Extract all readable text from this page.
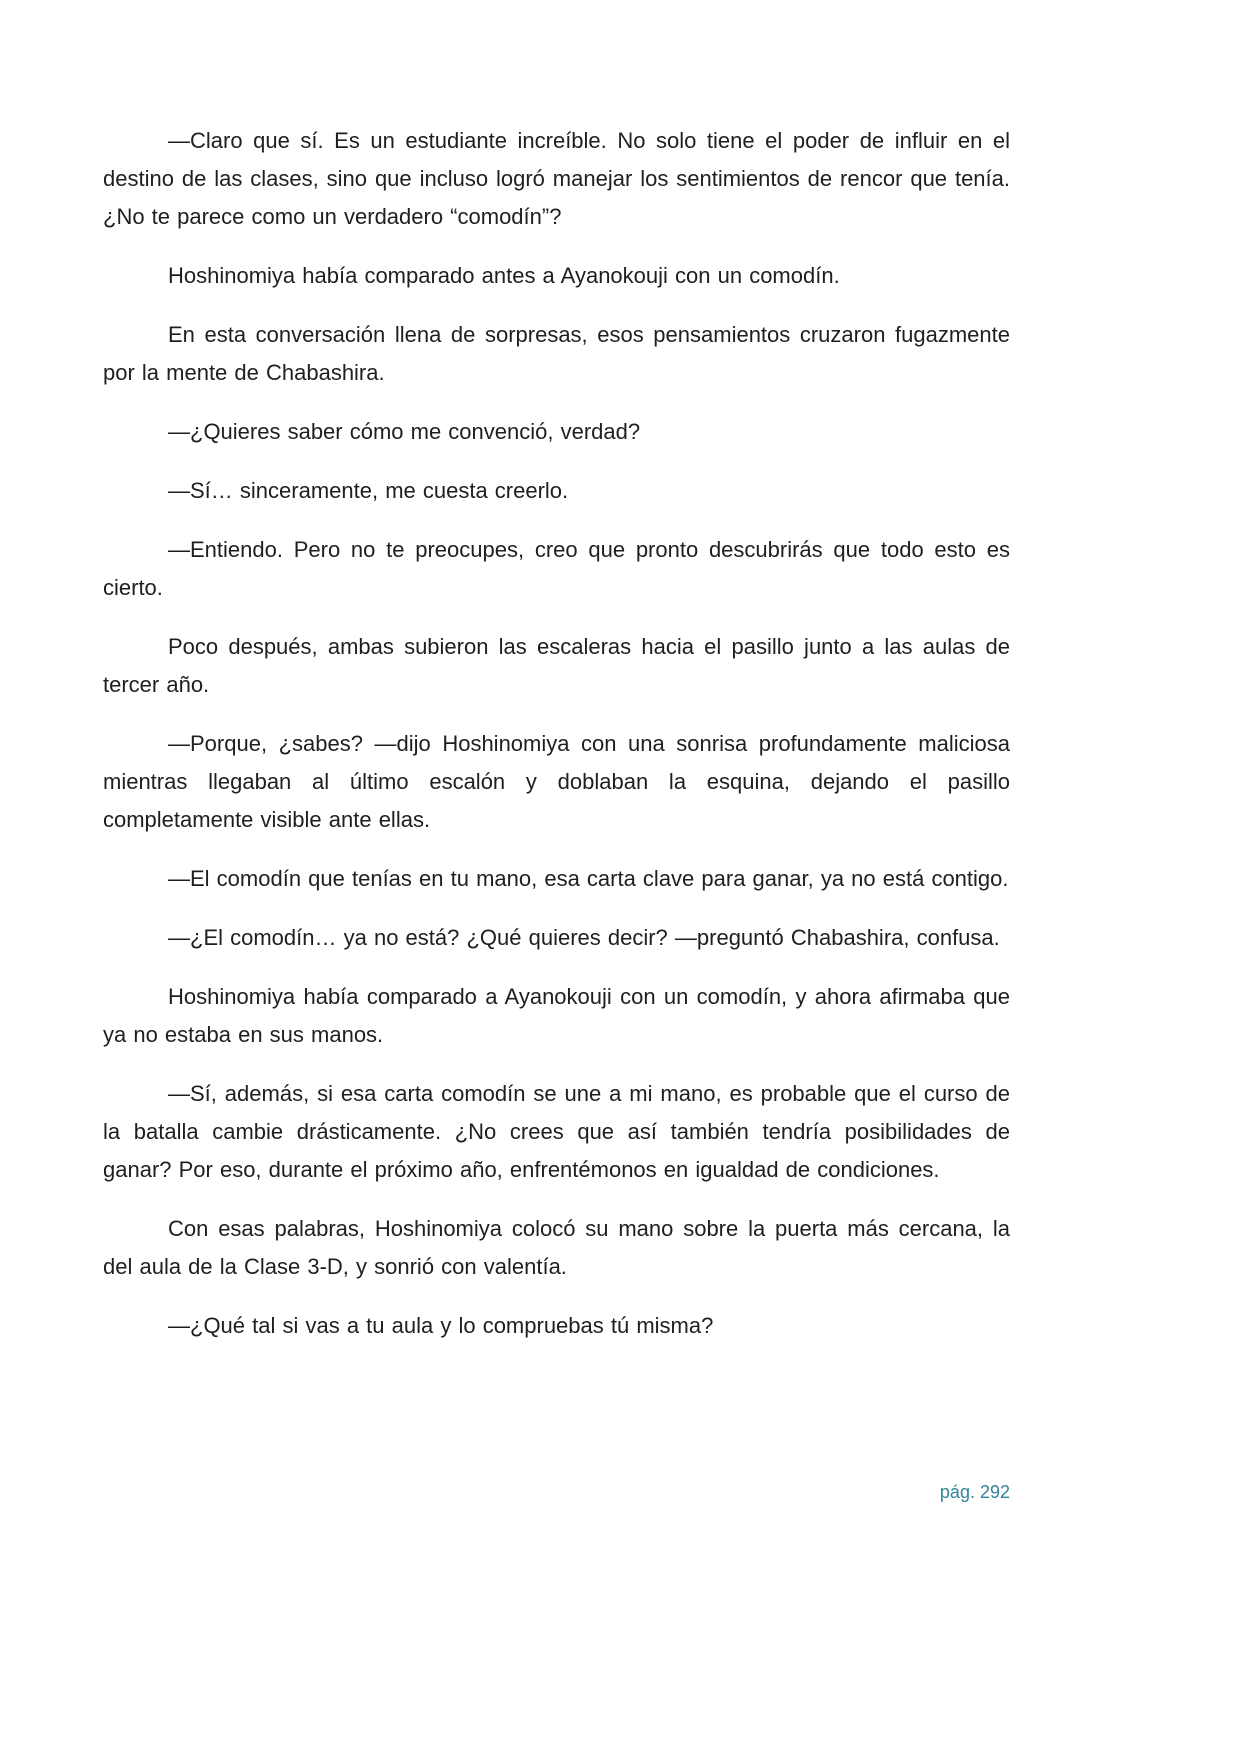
—Claro que sí. Es un estudiante increíble. No solo tiene el poder de influir en el destino de las clases, sino que incluso logró manejar los sentimientos de rencor que tenía. ¿No te parece como un verdadero “comodín”?

Hoshinomiya había comparado antes a Ayanokouji con un comodín.

En esta conversación llena de sorpresas, esos pensamientos cruzaron fugazmente por la mente de Chabashira.

—¿Quieres saber cómo me convenció, verdad?

—Sí… sinceramente, me cuesta creerlo.

—Entiendo. Pero no te preocupes, creo que pronto descubrirás que todo esto es cierto.

Poco después, ambas subieron las escaleras hacia el pasillo junto a las aulas de tercer año.

—Porque, ¿sabes? —dijo Hoshinomiya con una sonrisa profundamente maliciosa mientras llegaban al último escalón y doblaban la esquina, dejando el pasillo completamente visible ante ellas.

—El comodín que tenías en tu mano, esa carta clave para ganar, ya no está contigo.

—¿El comodín… ya no está? ¿Qué quieres decir? —preguntó Chabashira, confusa.

Hoshinomiya había comparado a Ayanokouji con un comodín, y ahora afirmaba que ya no estaba en sus manos.

—Sí, además, si esa carta comodín se une a mi mano, es probable que el curso de la batalla cambie drásticamente. ¿No crees que así también tendría posibilidades de ganar? Por eso, durante el próximo año, enfrentémonos en igualdad de condiciones.

Con esas palabras, Hoshinomiya colocó su mano sobre la puerta más cercana, la del aula de la Clase 3-D, y sonrió con valentía.

—¿Qué tal si vas a tu aula y lo compruebas tú misma?

pág. 292
